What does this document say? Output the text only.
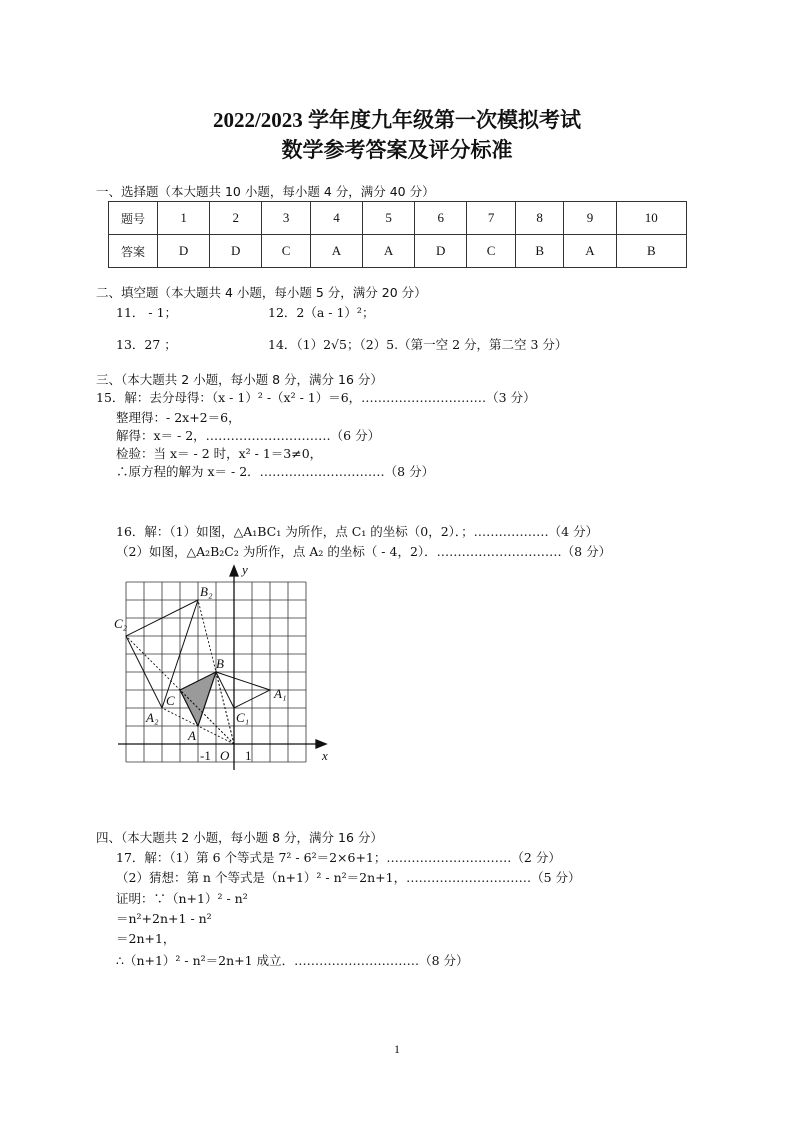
2022/2023 学年度九年级第一次模拟考试
数学参考答案及评分标准
一、选择题（本大题共 10 小题，每小题 4 分，满分 40 分）
题号	1	2	3	4	5	6	7	8	9	10
答案	D	D	C	A	A	D	C	B	A	B
二、填空题（本大题共 4 小题，每小题 5 分，满分 20 分）
11． - 1；	12．2（a - 1）²；
13．27 ；	14．（1）2√5；（2）5.（第一空 2 分，第二空 3 分）
三、（本大题共 2 小题，每小题 8 分，满分 16 分）
15．解：去分母得：（x - 1）² -（x² - 1）＝6，…………………………（3 分）
整理得：- 2x+2＝6，
解得：x＝ - 2，…………………………（6 分）
检验：当 x＝ - 2 时，x² - 1＝3≠0，
∴原方程的解为 x＝ - 2．…………………………（8 分）
16．解：（1）如图，△A₁BC₁ 为所作，点 C₁ 的坐标（0，2）．；………………（4 分）
（2）如图，△A₂B₂C₂ 为所作，点 A₂ 的坐标（ - 4，2）．…………………………（8 分）
y
x
B₂
C₂
B
A₁
C
A₂	C₁
A
-1 O 1
四、（本大题共 2 小题，每小题 8 分，满分 16 分）
17．解：（1）第 6 个等式是 7² - 6²＝2×6+1；…………………………（2 分）
（2）猜想：第 n 个等式是（n+1）² - n²＝2n+1，…………………………（5 分）
证明：∵（n+1）² - n²
＝n²+2n+1 - n²
＝2n+1，
∴（n+1）² - n²＝2n+1 成立．…………………………（8 分）
1
